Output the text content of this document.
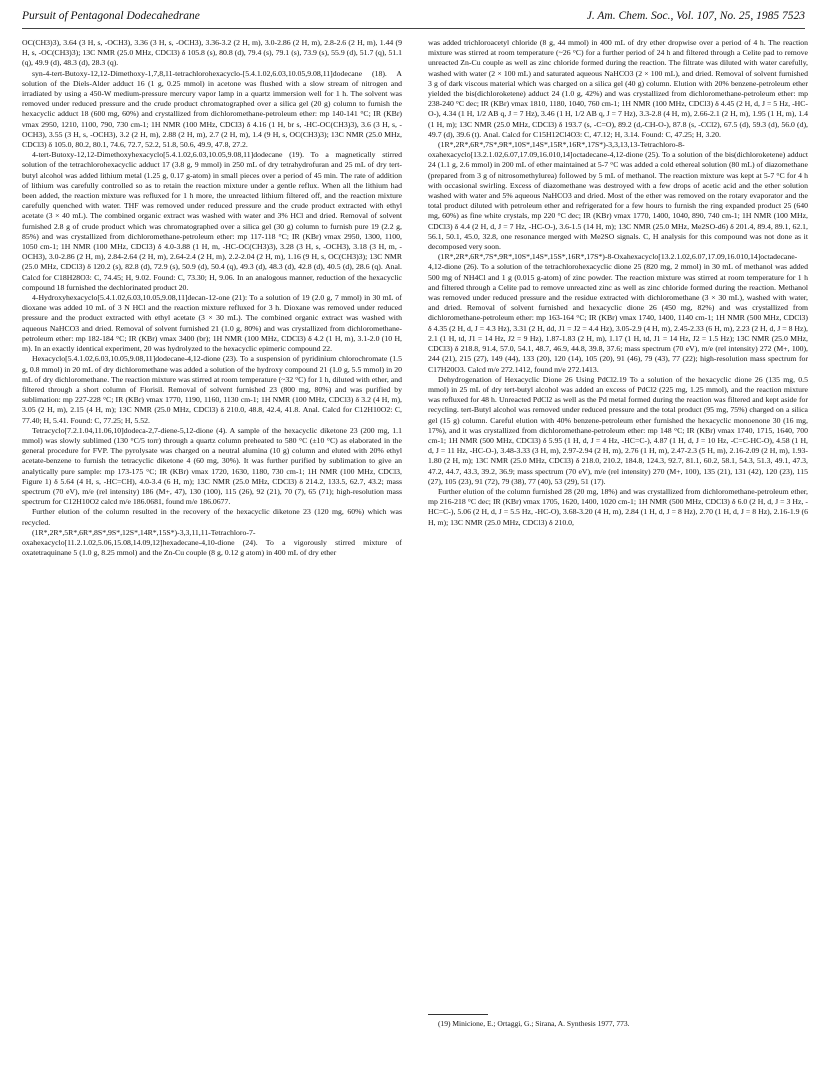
Pursuit of Pentagonal Dodecahedrane	J. Am. Chem. Soc., Vol. 107, No. 25, 1985 7523

OC(CH3)3), 3.64 (3 H, s, -OCH3), 3.36 (3 H, s, -OCH3), 3.36-3.2 (2 H, m), 3.0-2.86 (2 H, m), 2.8-2.6 (2 H, m), 1.44 (9 H, s, -OC(CH3)3); 13C NMR (25.0 MHz, CDCl3) δ 105.8 (s), 80.8 (d), 79.4 (s), 79.1 (s), 73.9 (s), 55.9 (d), 51.7 (q), 51.1 (q), 49.9 (d), 48.3 (d), 28.3 (q).

syn-4-tert-Butoxy-12,12-Dimethoxy-1,7,8,11-tetrachlorohexacyclo-[5.4.1.02,6.03,10.05,9.08,11]dodecane (18). A solution of the Diels-Alder adduct 16 (1 g, 0.25 mmol) in acetone was flushed with a slow stream of nitrogen and irradiated by using a 450-W medium-pressure mercury vapor lamp in a quartz immersion well for 1 h. The solvent was removed under reduced pressure and the crude product chromatographed over a silica gel (20 g) column to furnish the hexacyclic adduct 18 (600 mg, 60%) and crystallized from dichloromethane-petroleum ether: mp 140-141 °C; IR (KBr) νmax 2950, 1210, 1100, 790, 730 cm-1; 1H NMR (100 MHz, CDCl3) δ 4.16 (1 H, br s, -HC-OC(CH3)3), 3.6 (3 H, s, -OCH3), 3.55 (3 H, s, -OCH3), 3.2 (2 H, m), 2.88 (2 H, m), 2.7 (2 H, m), 1.4 (9 H, s, OC(CH3)3); 13C NMR (25.0 MHz, CDCl3) δ 105.0, 80.2, 80.1, 74.6, 72.7, 52.2, 51.8, 50.6, 49.9, 47.8, 27.2.

4-tert-Butoxy-12,12-Dimethoxyhexacyclo[5.4.1.02,6.03,10.05,9.08,11]dodecane (19). To a magnetically stirred solution of the tetrachlorohexacyclic adduct 17 (3.8 g, 9 mmol) in 250 mL of dry tetrahydrofuran and 25 mL of dry tert-butyl alcohol was added lithium metal (1.25 g, 0.17 g-atom) in small pieces over a period of 45 min. The rate of addition of lithium was carefully controlled so as to retain the reaction mixture under a gentle reflux. When all the lithium had been added, the reaction mixture was refluxed for 1 h more, the unreacted lithium filtered off, and the reaction mixture carefully quenched with water. THF was removed under reduced pressure and the crude product extracted with ethyl acetate (3 × 40 mL). The combined organic extract was washed with water and 3% HCl and dried. Removal of solvent furnished 2.8 g of crude product which was chromatographed over a silica gel (30 g) column to furnish pure 19 (2.2 g, 85%) and was crystallized from dichloromethane-petroleum ether: mp 117-118 °C; IR (KBr) νmax 2950, 1300, 1100, 1050 cm-1; 1H NMR (100 MHz, CDCl3) δ 4.0-3.88 (1 H, m, -HC-OC(CH3)3), 3.28 (3 H, s, -OCH3), 3.18 (3 H, m, -OCH3), 3.0-2.86 (2 H, m), 2.84-2.64 (2 H, m), 2.64-2.4 (2 H, m), 2.2-2.04 (2 H, m), 1.16 (9 H, s, OC(CH3)3); 13C NMR (25.0 MHz, CDCl3) δ 120.2 (s), 82.8 (d), 72.9 (s), 50.9 (d), 50.4 (q), 49.3 (d), 48.3 (d), 42.8 (d), 40.5 (d), 28.6 (q). Anal. Calcd for C18H28O3: C, 74.45; H, 9.02. Found: C, 73.30; H, 9.06. In an analogous manner, reduction of the hexacyclic compound 18 furnished the dechlorinated product 20.

4-Hydroxyhexacyclo[5.4.1.02,6.03,10.05,9.08,11]decan-12-one (21): To a solution of 19 (2.0 g, 7 mmol) in 30 mL of dioxane was added 10 mL of 3 N HCl and the reaction mixture refluxed for 3 h. Dioxane was removed under reduced pressure and the product extracted with ethyl acetate (3 × 30 mL). The combined organic extract was washed with aqueous NaHCO3 and dried. Removal of solvent furnished 21 (1.0 g, 80%) and was crystallized from dichloromethane-petroleum ether: mp 182-184 °C; IR (KBr) νmax 3400 (br); 1H NMR (100 MHz, CDCl3) δ 4.2 (1 H, m), 3.1-2.0 (10 H, m). In an exactly identical experiment, 20 was hydrolyzed to the hexacyclic epimeric compound 22.

Hexacyclo[5.4.1.02,6.03,10.05,9.08,11]dodecane-4,12-dione (23). To a suspension of pyridinium chlorochromate (1.5 g, 0.8 mmol) in 20 mL of dry dichloromethane was added a solution of the hydroxy compound 21 (1.0 g, 5.5 mmol) in 20 mL of dry dichloromethane. The reaction mixture was stirred at room temperature (~32 °C) for 1 h, diluted with ether, and filtered through a short column of Florisil. Removal of solvent furnished 23 (800 mg, 80%) and was purified by sublimation: mp 227-228 °C; IR (KBr) νmax 1770, 1190, 1160, 1130 cm-1; 1H NMR (100 MHz, CDCl3) δ 3.2 (4 H, m), 3.05 (2 H, m), 2.15 (4 H, m); 13C NMR (25.0 MHz, CDCl3) δ 210.0, 48.8, 42.4, 41.8. Anal. Calcd for C12H10O2: C, 77.40; H, 5.41. Found: C, 77.25; H, 5.52.

Tetracyclo[7.2.1.04,11.06,10]dodeca-2,7-diene-5,12-dione (4). A sample of the hexacyclic diketone 23 (200 mg, 1.1 mmol) was slowly sublimed (130 °C/5 torr) through a quartz column preheated to 580 °C (±10 °C) as elaborated in the general procedure for FVP. The pyrolysate was charged on a neutral alumina (10 g) column and eluted with 20% ethyl acetate-benzene to furnish the tetracyclic diketone 4 (60 mg, 30%). It was further purified by sublimation to give an analytically pure sample: mp 173-175 °C; IR (KBr) νmax 1720, 1630, 1180, 730 cm-1; 1H NMR (100 MHz, CDCl3, Figure 1) δ 5.64 (4 H, s, -HC=CH), 4.0-3.4 (6 H, m); 13C NMR (25.0 MHz, CDCl3) δ 214.2, 133.5, 62.7, 43.2; mass spectrum (70 eV), m/e (rel intensity) 186 (M+, 47), 130 (100), 115 (26), 92 (21), 70 (7), 65 (71); high-resolution mass spectrum for C12H10O2 calcd m/e 186.0681, found m/e 186.0677.

Further elution of the column resulted in the recovery of the hexacyclic diketone 23 (120 mg, 60%) which was recycled.

(1R*,2R*,5R*,6R*,8S*,9S*,12S*,14R*,15S*)-3,3,11,11-Tetrachloro-7-oxahexacyclo[11.2.1.02,5.06,15.08,14.09,12]hexadecane-4,10-dione (24). To a vigorously stirred mixture of oxatetraquinane 5 (1.0 g, 8.25 mmol) and the Zn-Cu couple (8 g, 0.12 g atom) in 400 mL of dry ether

was added trichloroacetyl chloride (8 g, 44 mmol) in 400 mL of dry ether dropwise over a period of 4 h. The reaction mixture was stirred at room temperature (~26 °C) for a further period of 24 h and filtered through a Celite pad to remove unreacted Zn-Cu couple as well as zinc chloride formed during the reaction. The filtrate was diluted with water carefully, washed with water (2 × 100 mL) and saturated aqueous NaHCO3 (2 × 100 mL), and dried. Removal of solvent furnished 3 g of dark viscous material which was charged on a silica gel (40 g) column. Elution with 20% benzene-petroleum ether yielded the bis(dichloroketene) adduct 24 (1.0 g, 42%) and was crystallized from dichloromethane-petroleum ether: mp 238-240 °C dec; IR (KBr) νmax 1810, 1180, 1040, 760 cm-1; 1H NMR (100 MHz, CDCl3) δ 4.45 (2 H, d, J = 5 Hz, -HC-O-), 4.34 (1 H, 1/2 AB q, J = 7 Hz), 3.46 (1 H, 1/2 AB q, J = 7 Hz), 3.3-2.8 (4 H, m), 2.66-2.1 (2 H, m), 1.95 (1 H, m), 1.4 (1 H, m); 13C NMR (25.0 MHz, CDCl3) δ 193.7 (s, -C=O), 89.2 (d,-CH-O-), 87.8 (s, -CCl2), 67.5 (d), 59.3 (d), 56.0 (d), 49.7 (d), 39.6 (t). Anal. Calcd for C15H12Cl4O3: C, 47.12; H, 3.14. Found: C, 47.25; H, 3.20.

(1R*,2R*,6R*,7S*,9R*,10S*,14S*,15R*,16R*,17S*)-3,3,13,13-Tetrachloro-8-oxahexacyclo[13.2.1.02,6.07,17.09,16.010,14]octadecane-4,12-dione (25). To a solution of the bis(dichloroketene) adduct 24 (1.1 g, 2.6 mmol) in 200 mL of ether maintained at 5-7 °C was added a cold ethereal solution (80 mL) of diazomethane (prepared from 3 g of nitrosomethylurea) followed by 5 mL of methanol. The reaction mixture was kept at 5-7 °C for 4 h with occasional swirling. Excess of diazomethane was destroyed with a few drops of acetic acid and the ether solution washed with water and 5% aqueous NaHCO3 and dried. Most of the ether was removed on the rotary evaporator and the total product diluted with petroleum ether and refrigerated for a few hours to furnish the ring expanded product 25 (640 mg, 60%) as fine white crystals, mp 220 °C dec; IR (KBr) νmax 1770, 1400, 1040, 890, 740 cm-1; 1H NMR (100 MHz, CDCl3) δ 4.4 (2 H, d, J = 7 Hz, -HC-O-), 3.6-1.5 (14 H, m); 13C NMR (25.0 MHz, Me2SO-d6) δ 201.4, 89.4, 89.1, 62.1, 56.1, 50.1, 45.0, 32.8, one resonance merged with Me2SO signals. C, H analysis for this compound was not done as it decomposed very soon.

(1R*,2R*,6R*,7S*,9R*,10S*,14S*,15S*,16R*,17S*)-8-Oxahexacyclo[13.2.1.02,6.07,17.09,16.010,14]octadecane-4,12-dione (26). To a solution of the tetrachlorohexacyclic dione 25 (820 mg, 2 mmol) in 30 mL of methanol was added 500 mg of NH4Cl and 1 g (0.015 g-atom) of zinc powder. The reaction mixture was stirred at room temperature for 1 h and filtered through a Celite pad to remove unreacted zinc as well as zinc chloride formed during the reaction. Methanol was removed under reduced pressure and the residue extracted with dichloromethane (3 × 30 mL), washed with water, and dried. Removal of solvent furnished and hexacyclic dione 26 (450 mg, 82%) and was crystallized from dichloromethane-petroleum ether: mp 163-164 °C; IR (KBr) νmax 1740, 1400, 1140 cm-1; 1H NMR (500 MHz, CDCl3) δ 4.35 (2 H, d, J = 4.3 Hz), 3.31 (2 H, dd, J1 = J2 = 4.4 Hz), 3.05-2.9 (4 H, m), 2.45-2.33 (6 H, m), 2.23 (2 H, d, J = 8 Hz), 2.1 (1 H, td, J1 = 14 Hz, J2 = 9 Hz), 1.87-1.83 (2 H, m), 1.17 (1 H, td, J1 = 14 Hz, J2 = 1.5 Hz); 13C NMR (25.0 MHz, CDCl3) δ 218.8, 91.4, 57.0, 54.1, 48.7, 46.9, 44.8, 39.8, 37.6; mass spectrum (70 eV), m/e (rel intensity) 272 (M+, 100), 244 (21), 215 (27), 149 (44), 133 (20), 120 (14), 105 (20), 91 (46), 79 (43), 77 (22); high-resolution mass spectrum for C17H20O3. Calcd m/e 272.1412, found m/e 272.1413.

Dehydrogenation of Hexacyclic Dione 26 Using PdCl2.19 To a solution of the hexacyclic dione 26 (135 mg, 0.5 mmol) in 25 mL of dry tert-butyl alcohol was added an excess of PdCl2 (225 mg, 1.25 mmol), and the reaction mixture was refluxed for 48 h. Unreacted PdCl2 as well as the Pd metal formed during the reaction was filtered and kept aside for recycling. tert-Butyl alcohol was removed under reduced pressure and the total product (95 mg, 75%) charged on a silica gel (15 g) column. Careful elution with 40% benzene-petroleum ether furnished the hexacyclic monoenone 30 (16 mg, 17%), and it was crystallized from dichloromethane-petroleum ether: mp 148 °C; IR (KBr) νmax 1740, 1715, 1640, 700 cm-1; 1H NMR (500 MHz, CDCl3) δ 5.95 (1 H, d, J = 4 Hz, -HC=C-), 4.87 (1 H, d, J = 10 Hz, -C=C-HC-O), 4.58 (1 H, d, J = 11 Hz, -HC-O-), 3.48-3.33 (3 H, m), 2.97-2.94 (2 H, m), 2.76 (1 H, m), 2.47-2.3 (5 H, m), 2.16-2.09 (2 H, m), 1.93-1.80 (2 H, m); 13C NMR (25.0 MHz, CDCl3) δ 218.0, 210.2, 184.8, 124.3, 92.7, 81.1, 60.2, 58.1, 54.3, 51.3, 49.1, 47.3, 47.2, 44.7, 43.3, 39.2, 36.9; mass spectrum (70 eV), m/e (rel intensity) 270 (M+, 100), 135 (21), 131 (42), 120 (23), 115 (27), 105 (23), 91 (72), 79 (38), 77 (40), 53 (29), 51 (17).

Further elution of the column furnished 28 (20 mg, 18%) and was crystallized from dichloromethane-petroleum ether, mp 216-218 °C dec; IR (KBr) νmax 1705, 1620, 1400, 1020 cm-1; 1H NMR (500 MHz, CDCl3) δ 6.0 (2 H, d, J = 3 Hz, -HC=C-), 5.06 (2 H, d, J = 5.5 Hz, -HC-O), 3.68-3.20 (4 H, m), 2.84 (1 H, d, J = 8 Hz), 2.70 (1 H, d, J = 8 Hz), 2.16-1.9 (6 H, m); 13C NMR (25.0 MHz, CDCl3) δ 210.0,

(19) Minicione, E.; Ortaggi, G.; Sirana, A. Synthesis 1977, 773.
